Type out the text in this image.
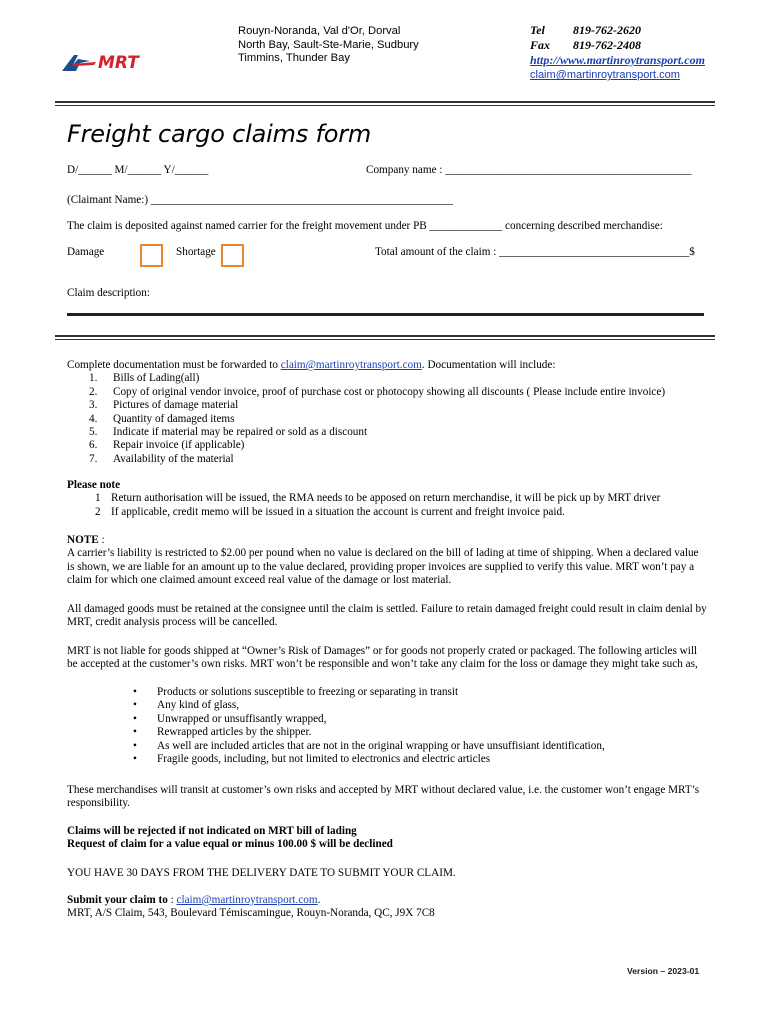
MRT
Rouyn-Noranda, Val d'Or, Dorval
North Bay, Sault-Ste-Marie, Sudbury
Timmins, Thunder Bay
Tel 819-762-2620
Fax 819-762-2408
http://www.martinroytransport.com
claim@martinroytransport.com
Freight cargo claims form
D/______ M/______ Y/______	Company name : ____________________________________________
(Claimant Name:) ______________________________________________________
The claim is deposited against named carrier for the freight movement under PB _____________ concerning described merchandise:
Damage	Shortage	Total amount of the claim : __________________________________$
Claim description:
Complete documentation must be forwarded to claim@martinroytransport.com. Documentation will include:
1. Bills of Lading(all)
2. Copy of original vendor invoice, proof of purchase cost or photocopy showing all discounts ( Please include entire invoice)
3. Pictures of damage material
4. Quantity of damaged items
5. Indicate if material may be repaired or sold as a discount
6. Repair invoice (if applicable)
7. Availability of the material
Please note
1 Return authorisation will be issued, the RMA needs to be apposed on return merchandise, it will be pick up by MRT driver
2 If applicable, credit memo will be issued in a situation the account is current and freight invoice paid.
NOTE :
A carrier’s liability is restricted to $2.00 per pound when no value is declared on the bill of lading at time of shipping. When a declared value is shown, we are liable for an amount up to the value declared, providing proper invoices are supplied to verify this value. MRT won’t pay a claim for which one claimed amount exceed real value of the damage or lost material.
All damaged goods must be retained at the consignee until the claim is settled. Failure to retain damaged freight could result in claim denial by MRT, credit analysis process will be cancelled.
MRT is not liable for goods shipped at “Owner’s Risk of Damages” or for goods not properly crated or packaged. The following articles will be accepted at the customer’s own risks. MRT won’t be responsible and won’t take any claim for the loss or damage they might take such as,
• Products or solutions susceptible to freezing or separating in transit
• Any kind of glass,
• Unwrapped or unsuffisantly wrapped,
• Rewrapped articles by the shipper.
• As well are included articles that are not in the original wrapping or have unsuffisiant identification,
• Fragile goods, including, but not limited to electronics and electric articles
These merchandises will transit at customer’s own risks and accepted by MRT without declared value, i.e. the customer won’t engage MRT’s responsibility.
Claims will be rejected if not indicated on MRT bill of lading
Request of claim for a value equal or minus 100.00 $ will be declined
YOU HAVE 30 DAYS FROM THE DELIVERY DATE TO SUBMIT YOUR CLAIM.
Submit your claim to : claim@martinroytransport.com.
MRT, A/S Claim, 543, Boulevard Témiscamingue, Rouyn-Noranda, QC, J9X 7C8
Version – 2023-01
